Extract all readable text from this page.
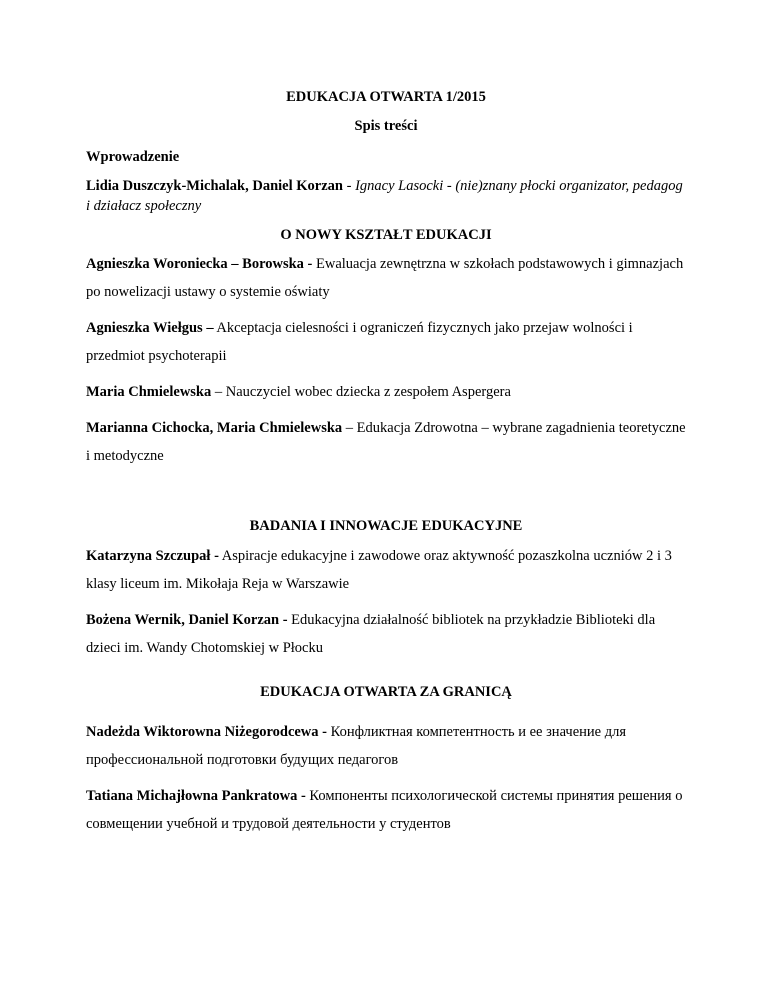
EDUKACJA OTWARTA 1/2015

Spis treści

Wprowadzenie

Lidia Duszczyk-Michalak, Daniel Korzan - Ignacy Lasocki - (nie)znany płocki organizator, pedagog i działacz społeczny

O NOWY KSZTAŁT EDUKACJI

Agnieszka Woroniecka – Borowska - Ewaluacja zewnętrzna w szkołach podstawowych i gimnazjach po nowelizacji ustawy o systemie oświaty

Agnieszka Wiełgus – Akceptacja cielesności i ograniczeń fizycznych jako przejaw wolności i przedmiot psychoterapii

Maria Chmielewska – Nauczyciel wobec dziecka z zespołem Aspergera

Marianna Cichocka, Maria Chmielewska – Edukacja Zdrowotna – wybrane zagadnienia teoretyczne i metodyczne

BADANIA I INNOWACJE EDUKACYJNE

Katarzyna Szczupał - Aspiracje edukacyjne i zawodowe oraz aktywność pozaszkolna uczniów 2 i 3 klasy liceum im. Mikołaja Reja w Warszawie

Bożena Wernik, Daniel Korzan - Edukacyjna działalność bibliotek na przykładzie Biblioteki dla dzieci im. Wandy Chotomskiej w Płocku

EDUKACJA OTWARTA ZA GRANICĄ

Nadeżda Wiktorowna Niżegorodcewa - Конфликтная компетентность и ее значение для профессиональной подготовки будущих педагогов

Tatiana Michajłowna Pankratowa - Компоненты психологической системы принятия решения о совмещении учебной и трудовой деятельности у студентов
